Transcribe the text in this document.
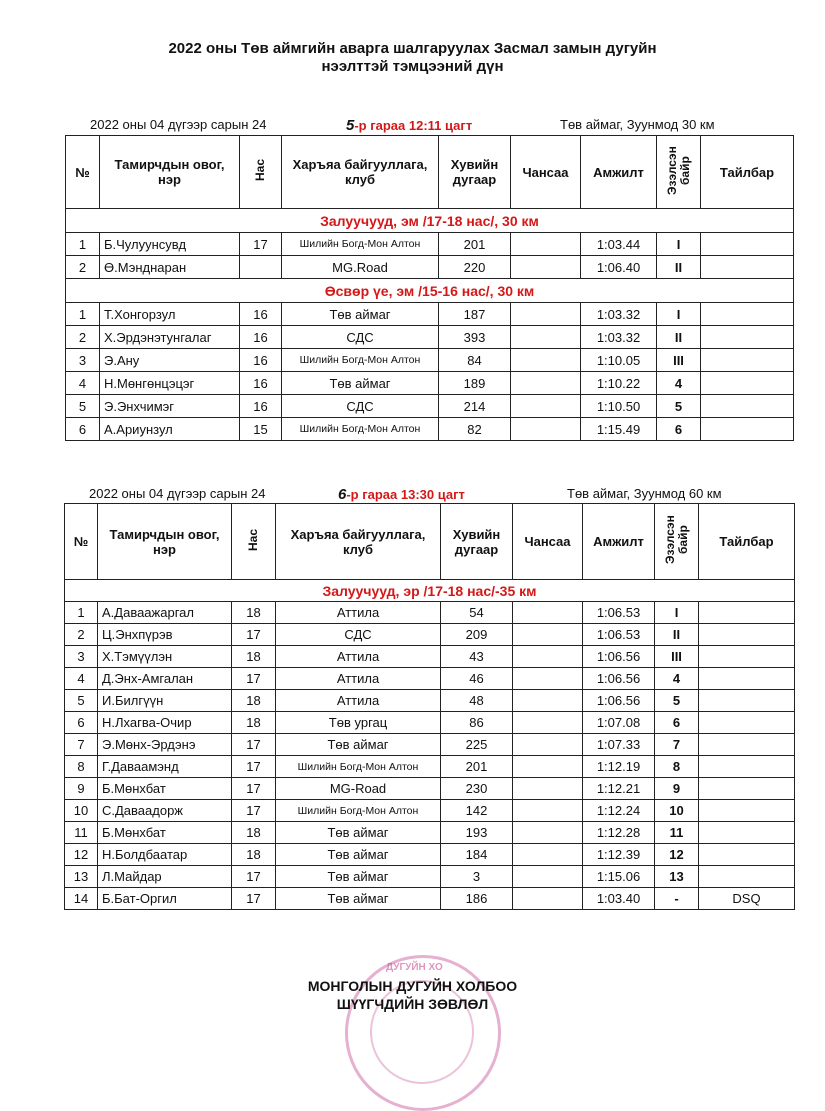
2022 оны Төв аймгийн аварга шалгаруулах Засмал замын дугуйн
нээлттэй тэмцээний дүн
2022 оны 04 дүгээр сарын 24	5-р гараа 12:11 цагт	Төв аймаг, Зуунмод 30 км
№	Тамирчдын овог, нэр	Нас	Харъяа байгууллага, клуб	Хувийн дугаар	Чансаа	Амжилт	Эзэлсэн байр	Тайлбар
Залуучууд, эм /17-18 нас/, 30 км								
1	Б.Чулуунсувд	17	Шилийн Богд-Мон Алтон	201		1:03.44	I	
2	Ө.Мэнднаран		MG.Road	220		1:06.40	II	
Өсвөр үе, эм /15-16 нас/, 30 км								
1	Т.Хонгорзул	16	Төв аймаг	187		1:03.32	I	
2	Х.Эрдэнэтунгалаг	16	СДС	393		1:03.32	II	
3	Э.Ану	16	Шилийн Богд-Мон Алтон	84		1:10.05	III	
4	Н.Мөнгөнцэцэг	16	Төв аймаг	189		1:10.22	4	
5	Э.Энхчимэг	16	СДС	214		1:10.50	5	
6	А.Ариунзул	15	Шилийн Богд-Мон Алтон	82		1:15.49	6	
2022 оны 04 дүгээр сарын 24	6-р гараа 13:30 цагт	Төв аймаг, Зуунмод 60 км
№	Тамирчдын овог, нэр	Нас	Харъяа байгууллага, клуб	Хувийн дугаар	Чансаа	Амжилт	Эзэлсэн байр	Тайлбар
Залуучууд, эр /17-18 нас/-35 км								
1	А.Даваажаргал	18	Аттила	54		1:06.53	I	
2	Ц.Энхпүрэв	17	СДС	209		1:06.53	II	
3	Х.Тэмүүлэн	18	Аттила	43		1:06.56	III	
4	Д.Энх-Амгалан	17	Аттила	46		1:06.56	4	
5	И.Билгүүн	18	Аттила	48		1:06.56	5	
6	Н.Лхагва-Очир	18	Төв ургац	86		1:07.08	6	
7	Э.Мөнх-Эрдэнэ	17	Төв аймаг	225		1:07.33	7	
8	Г.Даваамэнд	17	Шилийн Богд-Мон Алтон	201		1:12.19	8	
9	Б.Мөнхбат	17	MG-Road	230		1:12.21	9	
10	С.Даваадорж	17	Шилийн Богд-Мон Алтон	142		1:12.24	10	
11	Б.Мөнхбат	18	Төв аймаг	193		1:12.28	11	
12	Н.Болдбаатар	18	Төв аймаг	184		1:12.39	12	
13	Л.Майдар	17	Төв аймаг	3		1:15.06	13	
14	Б.Бат-Оргил	17	Төв аймаг	186		1:03.40	-	DSQ
ДУГУЙН ХО
МОНГОЛЫН ДУГУЙН ХОЛБОО
ШҮҮГЧДИЙН ЗӨВЛӨЛ
